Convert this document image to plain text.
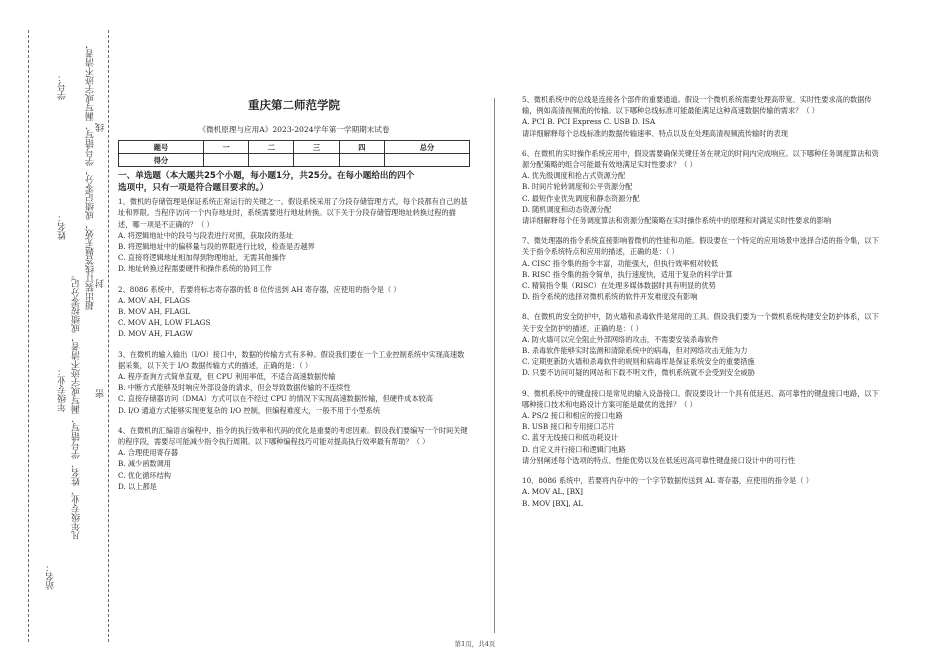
学号： 超出装订线答题无效，成绩记零分，学号错写、漏写或字迹不清者， 线
姓名：
封
年级专业： 凡年级专业、姓名、学号错写、漏写或字迹不清者，成绩按零分记。 密
站名：
重庆第二师范学院
《微机原理与应用A》2023-2024学年第一学期期末试卷
题号	一	二	三	四	总分
得分					
一、单选题（本大题共25个小题，每小题1分，共25分。在每小题给出的四个
选项中，只有一项是符合题目要求的。）

1、微机的存储管理是保证系统正常运行的关键之一。假设系统采用了分段存储管理方式，每个段都有自己的基址和界限。当程序访问一个内存地址时，系统需要进行地址转换。以下关于分段存储管理地址转换过程的描述，哪一项是不正确的？（ ）

A. 将逻辑地址中的段号与段表进行对照，获取段的基址

B. 将逻辑地址中的偏移量与段的界限进行比较，检查是否越界

C. 直接将逻辑地址相加得到物理地址，无需其他操作

D. 地址转换过程需要硬件和操作系统的协同工作

2、8086 系统中，若要将标志寄存器的低 8 位传送到 AH 寄存器，应使用的指令是（ ）

A. MOV AH, FLAGS

B. MOV AH, FLAGL

C. MOV AH, LOW FLAGS

D. MOV AH, FLAGW

3、在微机的输入输出（I/O）接口中，数据的传输方式有多种。假设我们要在一个工业控制系统中实现高速数据采集，以下关于 I/O 数据传输方式的描述，正确的是：（ ）

A. 程序查询方式简单直观，但 CPU 利用率低，不适合高速数据传输

B. 中断方式能够及时响应外部设备的请求，但会导致数据传输的不连续性

C. 直接存储器访问（DMA）方式可以在不经过 CPU 的情况下实现高速数据传输，但硬件成本较高

D. I/O 通道方式能够实现更复杂的 I/O 控制，但编程难度大，一般不用于小型系统

4、在微机的汇编语言编程中，指令的执行效率和代码的优化是重要的考虑因素。假设我们要编写一个时间关键的程序段，需要尽可能减少指令执行周期。以下哪种编程技巧可能对提高执行效率最有帮助？（ ）

A. 合理使用寄存器

B. 减少函数调用

C. 优化循环结构

D. 以上都是

5、微机系统中的总线是连接各个部件的重要通道。假设一个微机系统需要处理高带宽、实时性要求高的数据传输，例如高清视频流的传输。以下哪种总线标准可能最能满足这种高速数据传输的需求？（ ）

A. PCI B. PCI Express C. USB D. ISA

请详细解释每个总线标准的数据传输速率、特点以及在处理高清视频流传输时的表现

6、在微机的实时操作系统应用中，假设需要确保关键任务在规定的时间内完成响应。以下哪种任务调度算法和资源分配策略的组合可能最有效地满足实时性要求？（ ）

A. 优先级调度和抢占式资源分配

B. 时间片轮转调度和公平资源分配

C. 最短作业优先调度和静态资源分配

D. 随机调度和动态资源分配

请详细解释每个任务调度算法和资源分配策略在实时操作系统中的原理和对满足实时性要求的影响

7、微处理器的指令系统直接影响着微机的性能和功能。假设要在一个特定的应用场景中选择合适的指令集，以下关于指令系统特点和应用的描述，正确的是：（ ）

A. CISC 指令集的指令丰富，功能强大，但执行效率相对较低

B. RISC 指令集的指令简单，执行速度快，适用于复杂的科学计算

C. 精简指令集（RISC）在处理多媒体数据时具有明显的优势

D. 指令系统的选择对微机系统的软件开发难度没有影响

8、在微机的安全防护中，防火墙和杀毒软件是常用的工具。假设我们要为一个微机系统构建安全防护体系，以下关于安全防护的描述，正确的是：（ ）

A. 防火墙可以完全阻止外部网络的攻击，不需要安装杀毒软件

B. 杀毒软件能够实时监测和清除系统中的病毒，但对网络攻击无能为力

C. 定期更新防火墙和杀毒软件的规则和病毒库是保证系统安全的重要措施

D. 只要不访问可疑的网站和下载不明文件，微机系统就不会受到安全威胁

9、微机系统中的键盘接口是常见的输入设备接口。假设要设计一个具有低延迟、高可靠性的键盘接口电路，以下哪种接口技术和电路设计方案可能是最优的选择？（ ）

A. PS/2 接口和相应的接口电路

B. USB 接口和专用接口芯片

C. 蓝牙无线接口和低功耗设计

D. 自定义并行接口和逻辑门电路

请分别阐述每个选项的特点、性能优势以及在低延迟高可靠性键盘接口设计中的可行性

10、8086 系统中，若要将内存中的一个字节数据传送到 AL 寄存器，应使用的指令是（ ）

A. MOV AL, [BX]

B. MOV [BX], AL

第1页，共4页
